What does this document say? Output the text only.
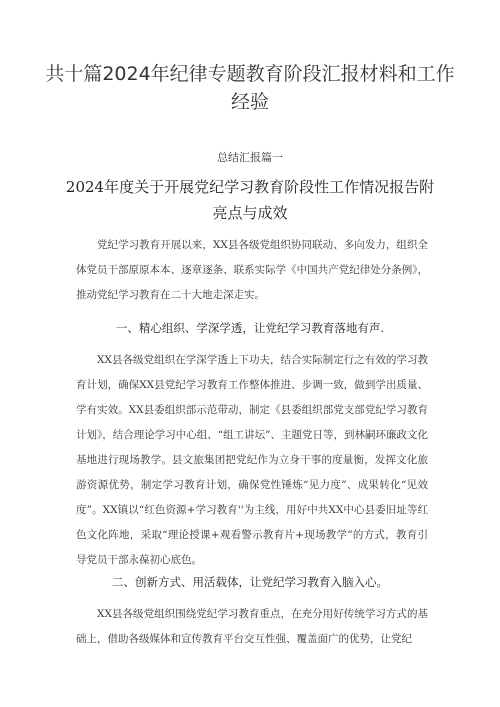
共十篇2024年纪律专题教育阶段汇报材料和工作经验
总结汇报篇一
2024年度关于开展党纪学习教育阶段性工作情况报告附亮点与成效

党纪学习教育开展以来，XX县各级党组织协同联动、多向发力，组织全体党员干部原原本本、逐章逐条、联系实际学《中国共产党纪律处分条例》，推动党纪学习教育在二十大地走深走实。

一、精心组织、学深学透，让党纪学习教育落地有声.

XX县各级党组织在学深学透上下功夫，结合实际制定行之有效的学习教育计划，确保XX县党纪学习教育工作整体推进、步调一致，做到学出质量、学有实效。XX县委组织部示范带动，制定《县委组织部党支部党纪学习教育计划》，结合理论学习中心组、“组工讲坛”、主题党日等，到林嗣环廉政文化基地进行现场教学。县文旅集团把党纪作为立身干事的度量衡，发挥文化旅游资源优势，制定学习教育计划，确保党性锤炼“见力度”、成果转化“见效度”。XX镇以“红色资源+学习教育''为主线，用好中共XX中心县委旧址等红色文化阵地，采取“理论授课+观看警示教育片+现场教学”的方式，教育引导党员干部永葆初心底色。

二、创新方式、用活载体，让党纪学习教育入脑入心。

XX县各级党组织围绕党纪学习教育重点，在充分用好传统学习方式的基础上，借助各级媒体和宣传教育平台交互性强、覆盖面广的优势，让党纪
